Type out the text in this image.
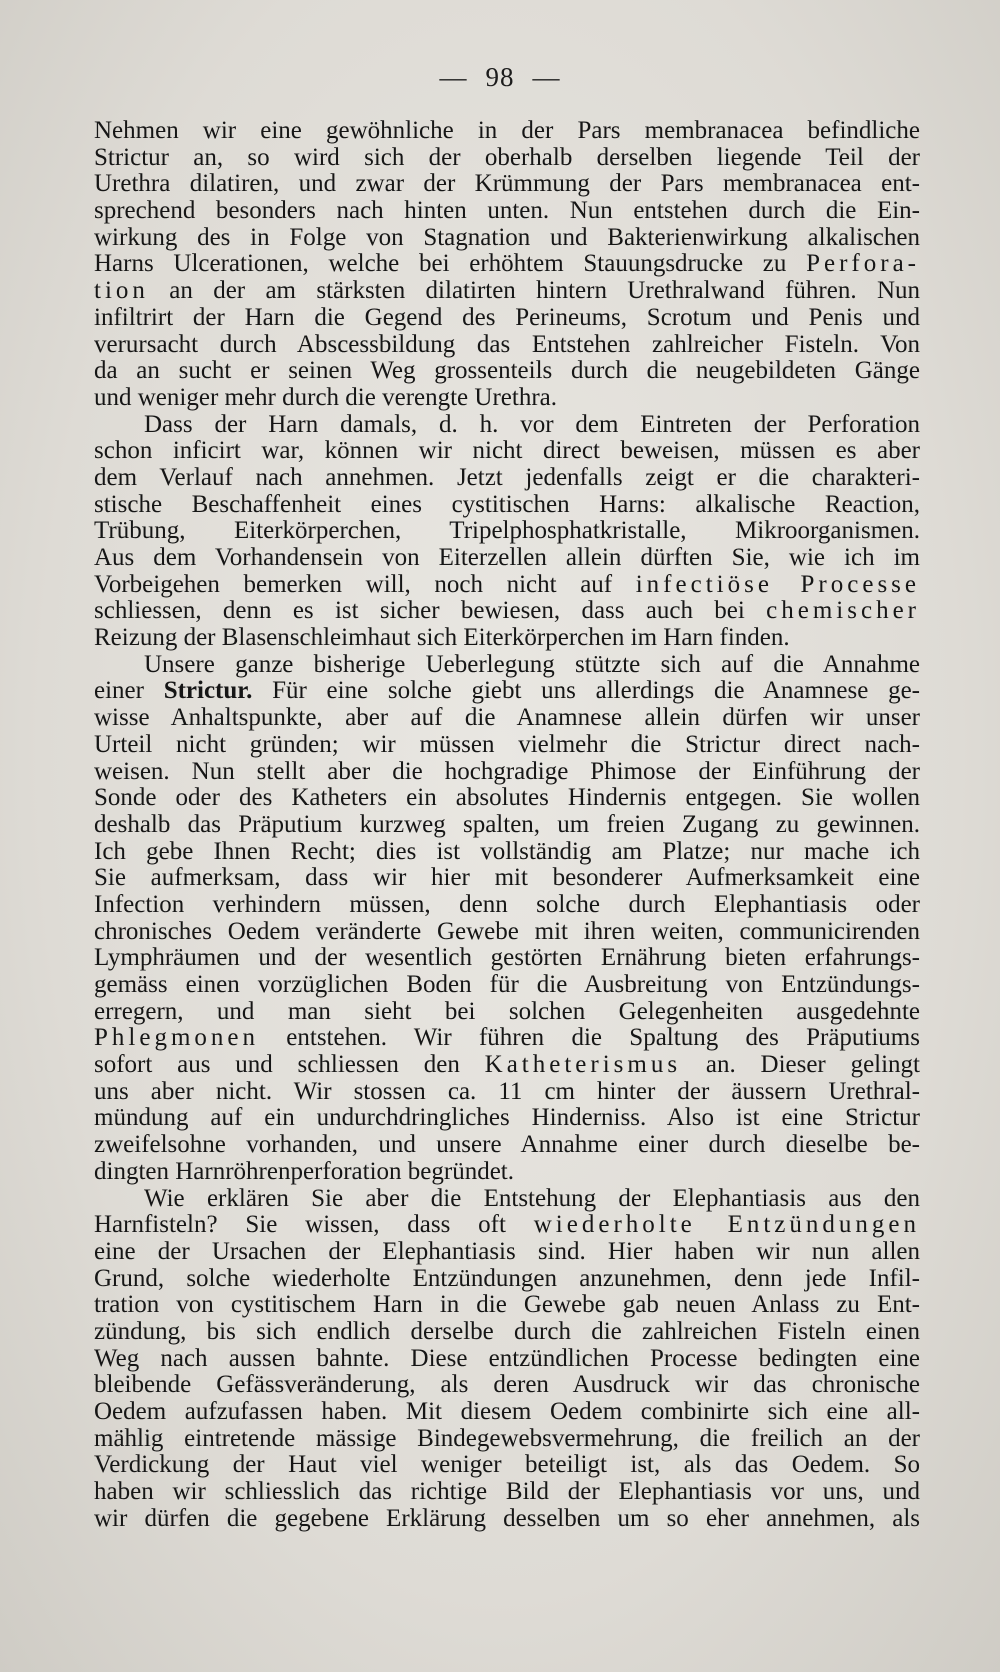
— 98 —
Nehmen wir eine gewöhnliche in der Pars membranacea befindliche
Strictur an, so wird sich der oberhalb derselben liegende Teil der
Urethra dilatiren, und zwar der Krümmung der Pars membranacea ent-
sprechend besonders nach hinten unten. Nun entstehen durch die Ein-
wirkung des in Folge von Stagnation und Bakterienwirkung alkalischen
Harns Ulcerationen, welche bei erhöhtem Stauungsdrucke zu Perfora-
tion an der am stärksten dilatirten hintern Urethralwand führen. Nun
infiltrirt der Harn die Gegend des Perineums, Scrotum und Penis und
verursacht durch Abscessbildung das Entstehen zahlreicher Fisteln. Von
da an sucht er seinen Weg grossenteils durch die neugebildeten Gänge
und weniger mehr durch die verengte Urethra.
Dass der Harn damals, d. h. vor dem Eintreten der Perforation
schon inficirt war, können wir nicht direct beweisen, müssen es aber
dem Verlauf nach annehmen. Jetzt jedenfalls zeigt er die charakteri-
stische Beschaffenheit eines cystitischen Harns: alkalische Reaction,
Trübung, Eiterkörperchen, Tripelphosphatkristalle, Mikroorganismen.
Aus dem Vorhandensein von Eiterzellen allein dürften Sie, wie ich im
Vorbeigehen bemerken will, noch nicht auf infectiöse Processe
schliessen, denn es ist sicher bewiesen, dass auch bei chemischer
Reizung der Blasenschleimhaut sich Eiterkörperchen im Harn finden.
Unsere ganze bisherige Ueberlegung stützte sich auf die Annahme
einer Strictur. Für eine solche giebt uns allerdings die Anamnese ge-
wisse Anhaltspunkte, aber auf die Anamnese allein dürfen wir unser
Urteil nicht gründen; wir müssen vielmehr die Strictur direct nach-
weisen. Nun stellt aber die hochgradige Phimose der Einführung der
Sonde oder des Katheters ein absolutes Hindernis entgegen. Sie wollen
deshalb das Präputium kurzweg spalten, um freien Zugang zu gewinnen.
Ich gebe Ihnen Recht; dies ist vollständig am Platze; nur mache ich
Sie aufmerksam, dass wir hier mit besonderer Aufmerksamkeit eine
Infection verhindern müssen, denn solche durch Elephantiasis oder
chronisches Oedem veränderte Gewebe mit ihren weiten, communicirenden
Lymphräumen und der wesentlich gestörten Ernährung bieten erfahrungs-
gemäss einen vorzüglichen Boden für die Ausbreitung von Entzündungs-
erregern, und man sieht bei solchen Gelegenheiten ausgedehnte
Phlegmonen entstehen. Wir führen die Spaltung des Präputiums
sofort aus und schliessen den Katheterismus an. Dieser gelingt
uns aber nicht. Wir stossen ca. 11 cm hinter der äussern Urethral-
mündung auf ein undurchdringliches Hinderniss. Also ist eine Strictur
zweifelsohne vorhanden, und unsere Annahme einer durch dieselbe be-
dingten Harnröhrenperforation begründet.
Wie erklären Sie aber die Entstehung der Elephantiasis aus den
Harnfisteln? Sie wissen, dass oft wiederholte Entzündungen
eine der Ursachen der Elephantiasis sind. Hier haben wir nun allen
Grund, solche wiederholte Entzündungen anzunehmen, denn jede Infil-
tration von cystitischem Harn in die Gewebe gab neuen Anlass zu Ent-
zündung, bis sich endlich derselbe durch die zahlreichen Fisteln einen
Weg nach aussen bahnte. Diese entzündlichen Processe bedingten eine
bleibende Gefässveränderung, als deren Ausdruck wir das chronische
Oedem aufzufassen haben. Mit diesem Oedem combinirte sich eine all-
mählig eintretende mässige Bindegewebsvermehrung, die freilich an der
Verdickung der Haut viel weniger beteiligt ist, als das Oedem. So
haben wir schliesslich das richtige Bild der Elephantiasis vor uns, und
wir dürfen die gegebene Erklärung desselben um so eher annehmen, als
